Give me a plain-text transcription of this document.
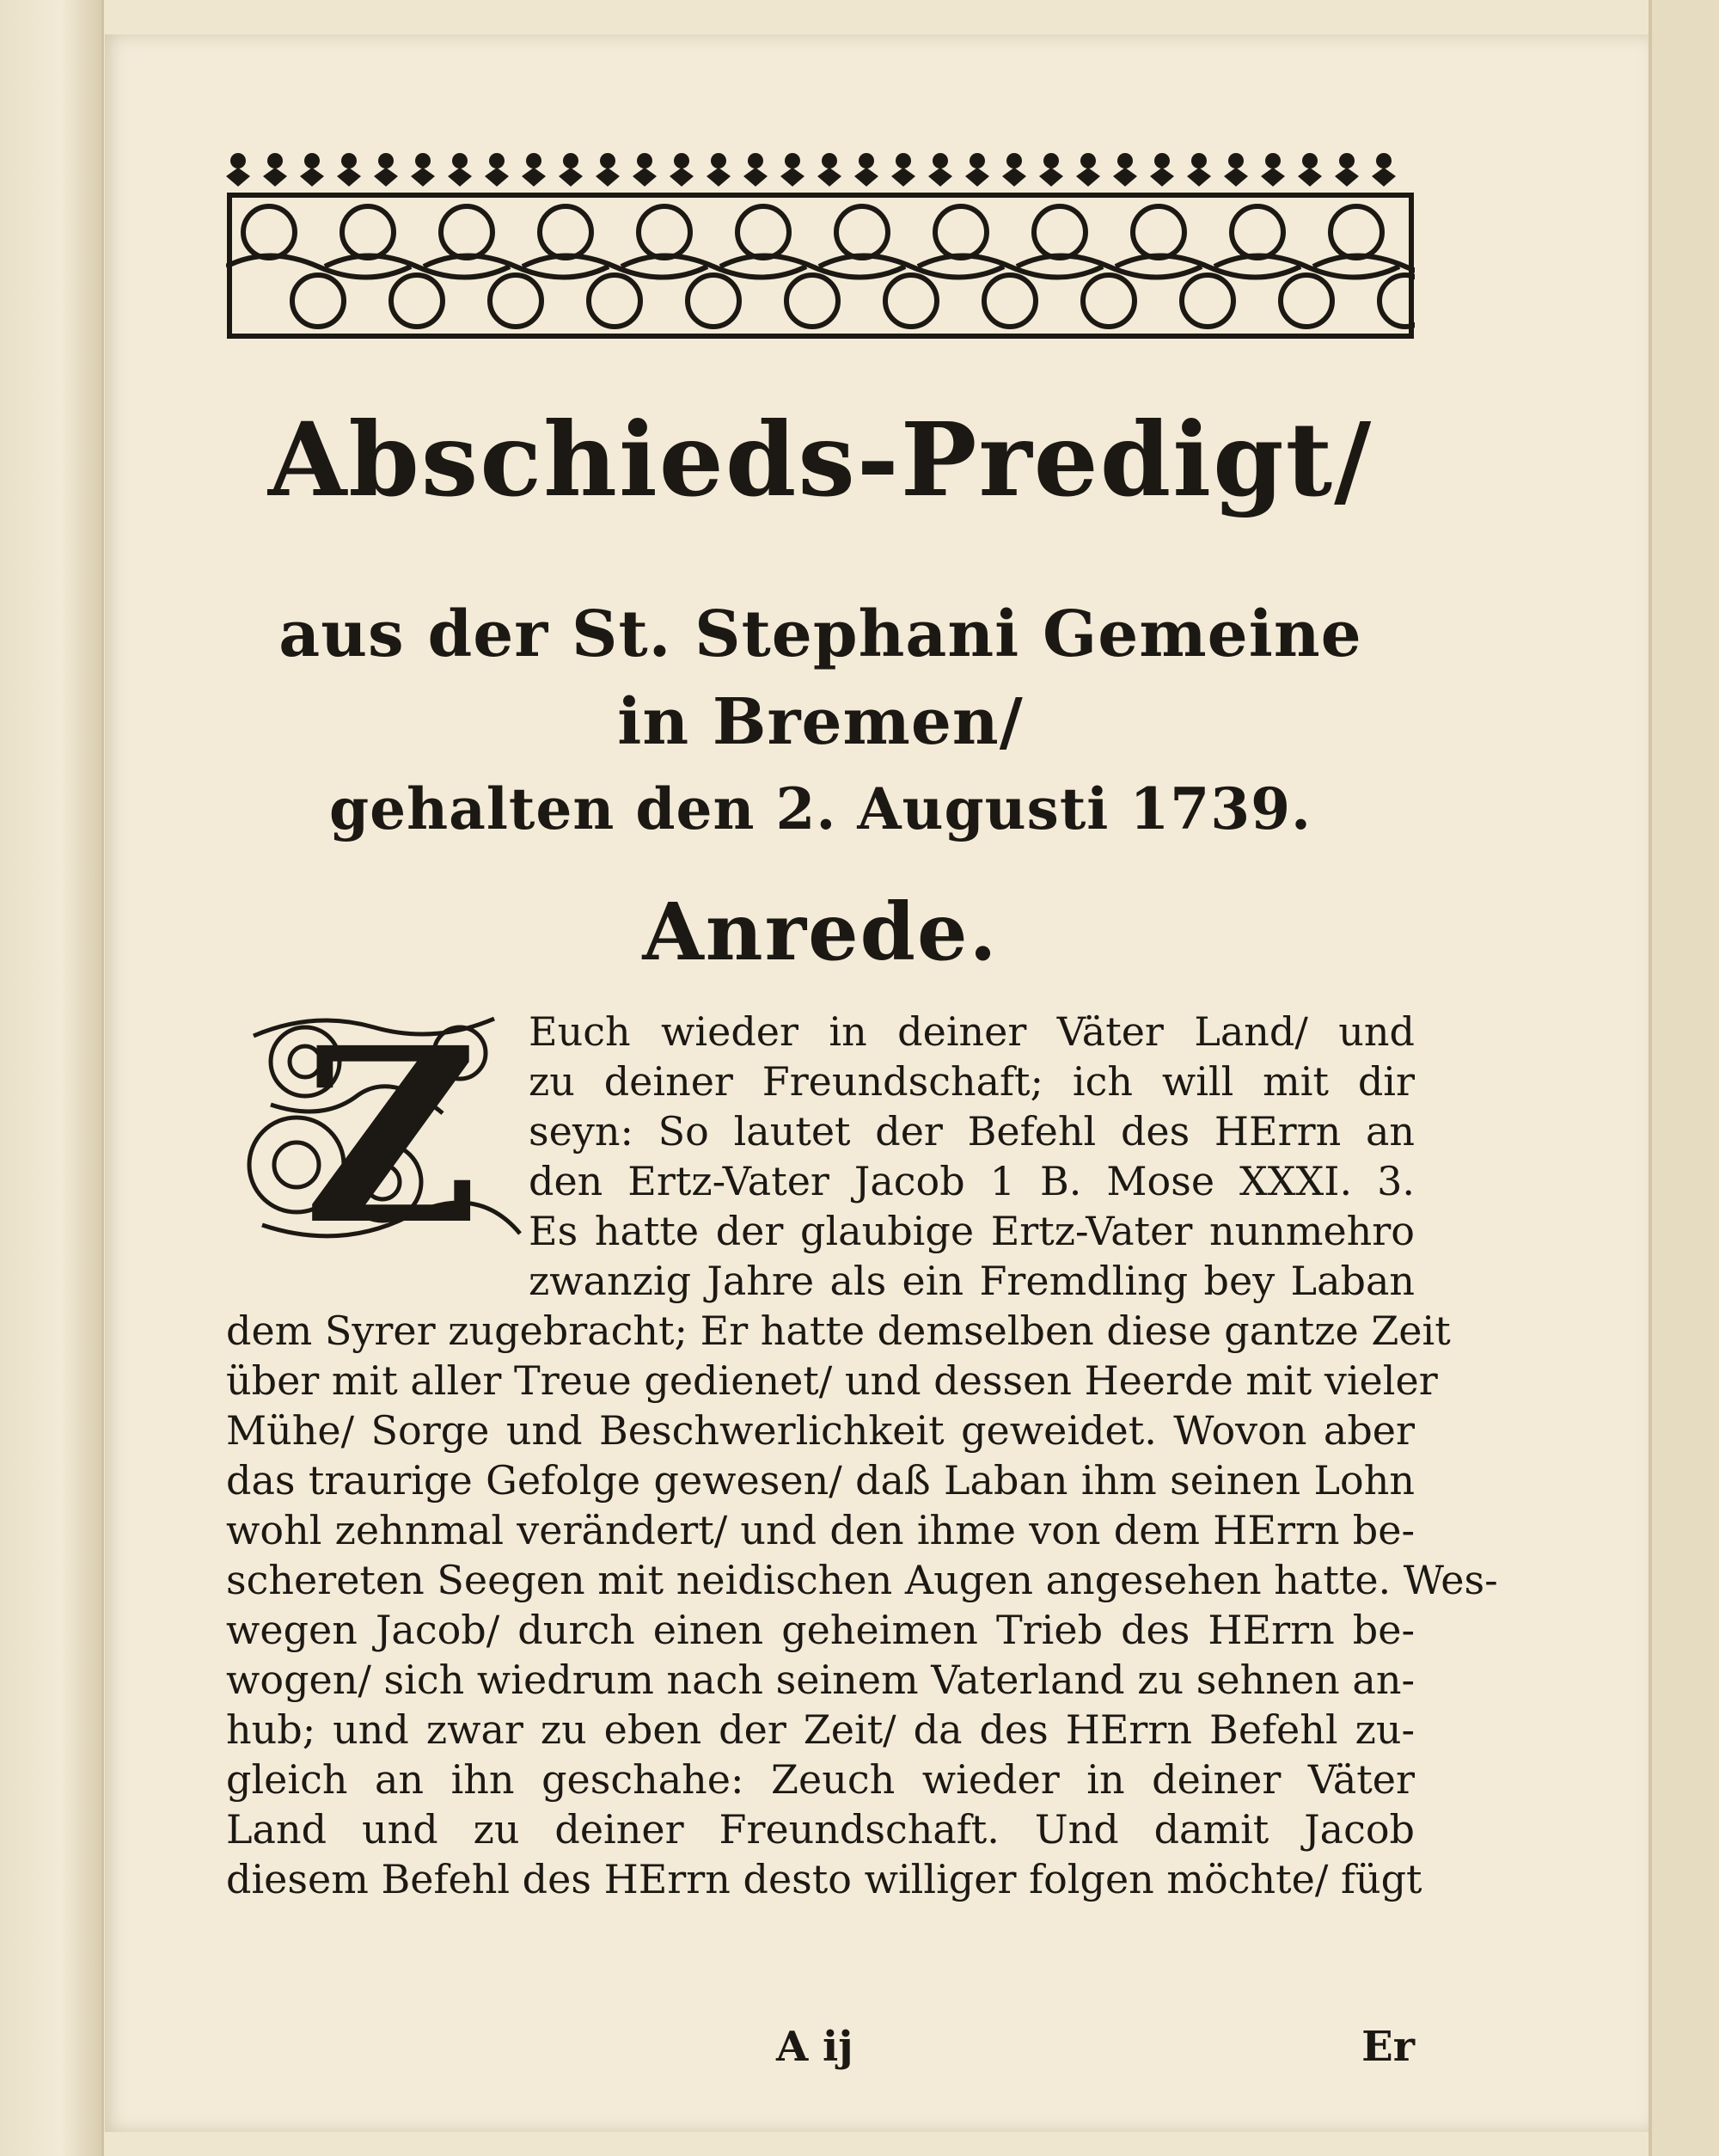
Abschieds-Predigt/
aus der St. Stephani Gemeine
in Bremen/
gehalten den 2. Augusti 1739.
Anrede.
Z Euch wieder in deiner Väter Land/ und
zu deiner Freundschaft; ich will mit dir
seyn: So lautet der Befehl des HErrn an
den Ertz-Vater Jacob 1 B. Mose XXXI. 3.
Es hatte der glaubige Ertz-Vater nunmehro
zwanzig Jahre als ein Fremdling bey Laban
dem Syrer zugebracht; Er hatte demselben diese gantze Zeit
über mit aller Treue gedienet/ und dessen Heerde mit vieler
Mühe/ Sorge und Beschwerlichkeit geweidet. Wovon aber
das traurige Gefolge gewesen/ daß Laban ihm seinen Lohn
wohl zehnmal verändert/ und den ihme von dem HErrn be-
schereten Seegen mit neidischen Augen angesehen hatte. Wes-
wegen Jacob/ durch einen geheimen Trieb des HErrn be-
wogen/ sich wiedrum nach seinem Vaterland zu sehnen an-
hub; und zwar zu eben der Zeit/ da des HErrn Befehl zu-
gleich an ihn geschahe: Zeuch wieder in deiner Väter
Land und zu deiner Freundschaft. Und damit Jacob
diesem Befehl des HErrn desto williger folgen möchte/ fügt
A ij	Er
